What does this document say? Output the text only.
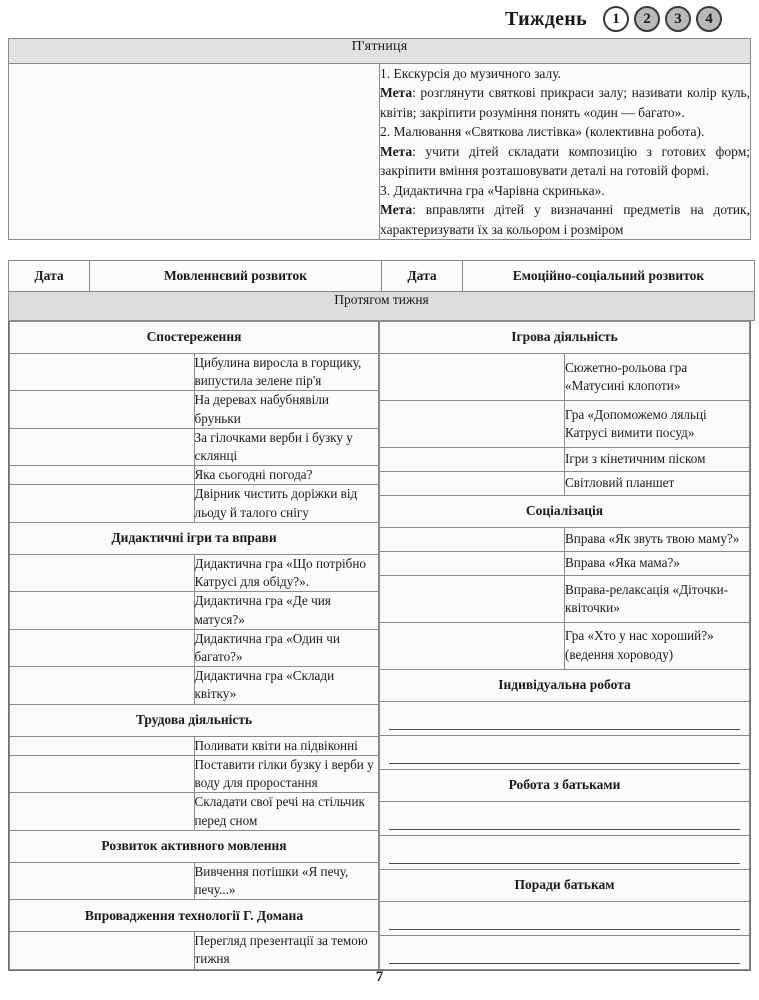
Тиждень 1 2 3 4
П'ятниця

1. Екскурсія до музичного залу.

Мета: розглянути святкові прикраси залу; називати колір куль, квітів; закріпити розуміння понять «один — багато».

2. Малювання «Святкова листівка» (колективна робота).

Мета: учити дітей складати композицію з готових форм; закріпити вміння розташовувати деталі на готовій формі.

3. Дидактична гра «Чарівна скринька».

Мета: вправляти дітей у визначанні предметів на дотик, характеризувати їх за кольором і розміром

Дата	Мовленнєвий розвиток	Дата	Емоційно-соціальний розвиток
Протягом тижня
Спостереження	
	Цибулина виросла в горщику, випустила зелене пір'я
	На деревах набубнявіли бруньки
	За гілочками верби і бузку у склянці
	Яка сьогодні погода?
	Двірник чистить доріжки від льоду й талого снігу
Дидактичні ігри та вправи	
	Дидактична гра «Що потрібно Катрусі для обіду?».
	Дидактична гра «Де чия матуся?»
	Дидактична гра «Один чи багато?»
	Дидактична гра «Склади квітку»
Трудова діяльність	
	Поливати квіти на підвіконні
	Поставити гілки бузку і верби у воду для проростання
	Складати свої речі на стільчик перед сном
Розвиток активного мовлення	
	Вивчення потішки «Я печу, печу...»
Впровадження технології Г. Домана	
	Перегляд презентації за темою тижня
Ігрова діяльність	
	Сюжетно-рольова гра «Матусині клопоти»
	Гра «Допоможемо ляльці Катрусі вимити посуд»
	Ігри з кінетичним піском
	Світловий планшет
Соціалізація	
	Вправа «Як звуть твою маму?»
	Вправа «Яка мама?»
	Вправа-релаксація «Діточки-квіточки»
	Гра «Хто у нас хороший?» (ведення хороводу)
Індивідуальна робота	

Робота з батьками	

Поради батькам	

7
